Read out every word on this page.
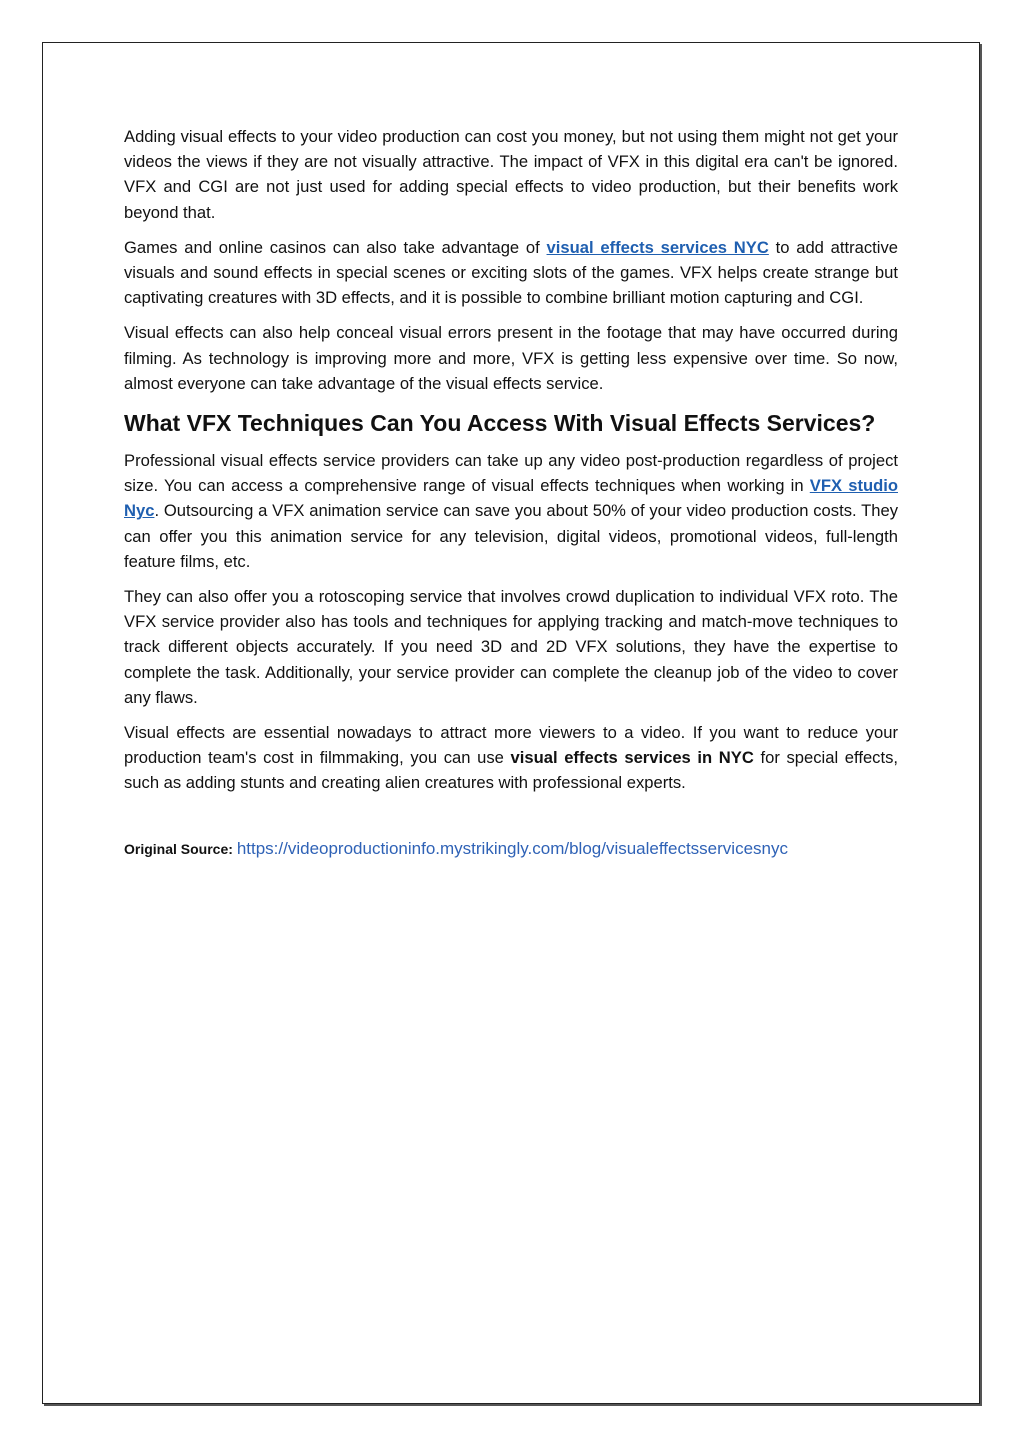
Adding visual effects to your video production can cost you money, but not using them might not get your videos the views if they are not visually attractive. The impact of VFX in this digital era can't be ignored. VFX and CGI are not just used for adding special effects to video production, but their benefits work beyond that.

Games and online casinos can also take advantage of visual effects services NYC to add attractive visuals and sound effects in special scenes or exciting slots of the games. VFX helps create strange but captivating creatures with 3D effects, and it is possible to combine brilliant motion capturing and CGI.

Visual effects can also help conceal visual errors present in the footage that may have occurred during filming. As technology is improving more and more, VFX is getting less expensive over time. So now, almost everyone can take advantage of the visual effects service.

What VFX Techniques Can You Access With Visual Effects Services?

Professional visual effects service providers can take up any video post-production regardless of project size. You can access a comprehensive range of visual effects techniques when working in VFX studio Nyc. Outsourcing a VFX animation service can save you about 50% of your video production costs. They can offer you this animation service for any television, digital videos, promotional videos, full-length feature films, etc.

They can also offer you a rotoscoping service that involves crowd duplication to individual VFX roto. The VFX service provider also has tools and techniques for applying tracking and match-move techniques to track different objects accurately. If you need 3D and 2D VFX solutions, they have the expertise to complete the task. Additionally, your service provider can complete the cleanup job of the video to cover any flaws.

Visual effects are essential nowadays to attract more viewers to a video. If you want to reduce your production team's cost in filmmaking, you can use visual effects services in NYC for special effects, such as adding stunts and creating alien creatures with professional experts.

Original Source: https://videoproductioninfo.mystrikingly.com/blog/visualeffectsservicesnyc
